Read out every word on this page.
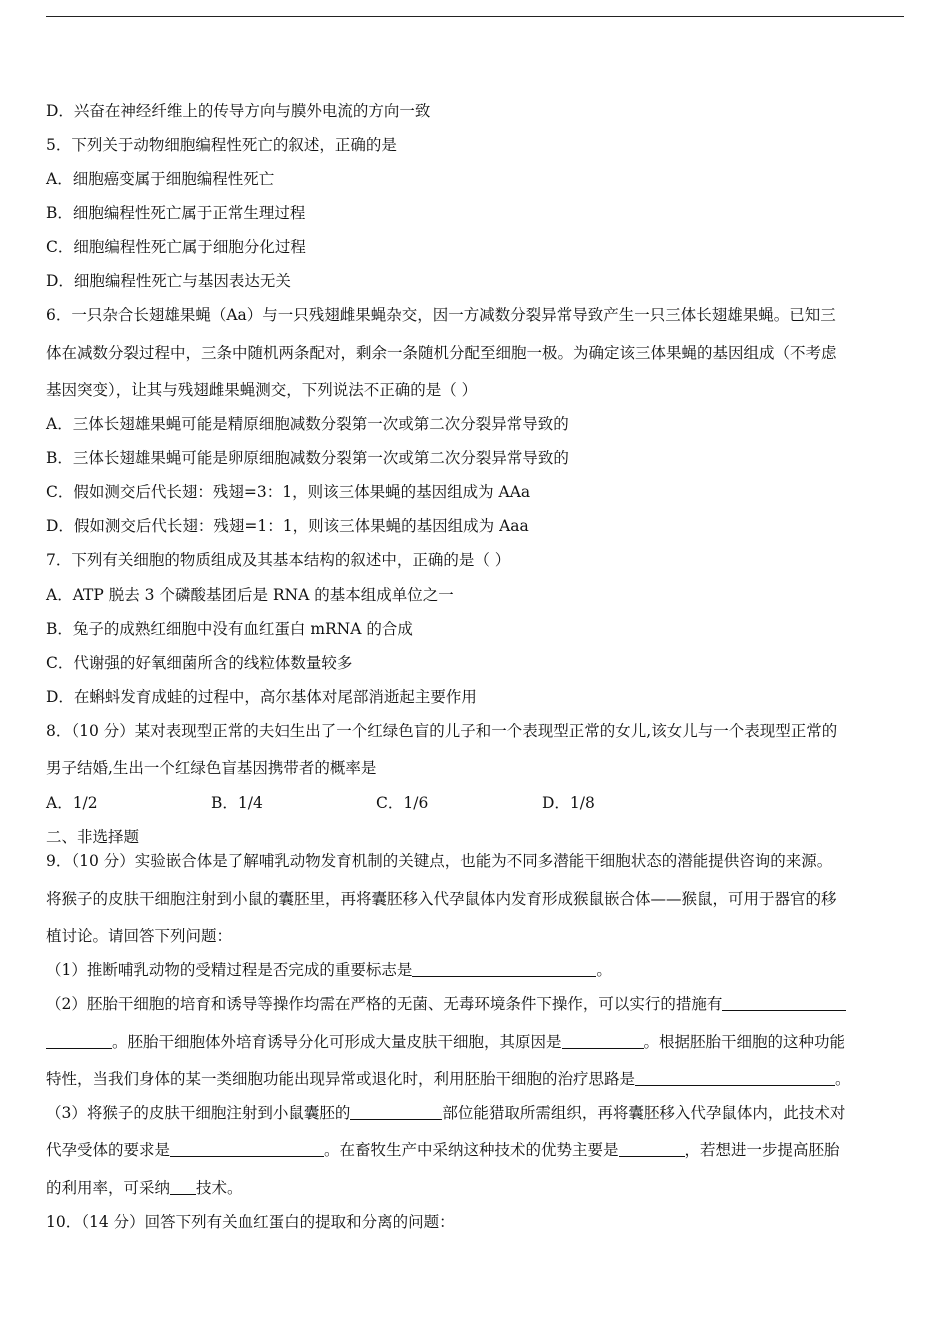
D．兴奋在神经纤维上的传导方向与膜外电流的方向一致
5．下列关于动物细胞编程性死亡的叙述，正确的是
A．细胞癌变属于细胞编程性死亡
B．细胞编程性死亡属于正常生理过程
C．细胞编程性死亡属于细胞分化过程
D．细胞编程性死亡与基因表达无关
6．一只杂合长翅雄果蝇（Aa）与一只残翅雌果蝇杂交，因一方减数分裂异常导致产生一只三体长翅雄果蝇。已知三
体在减数分裂过程中，三条中随机两条配对，剩余一条随机分配至细胞一极。为确定该三体果蝇的基因组成（不考虑
基因突变），让其与残翅雌果蝇测交，下列说法不正确的是（ ）
A．三体长翅雄果蝇可能是精原细胞减数分裂第一次或第二次分裂异常导致的
B．三体长翅雄果蝇可能是卵原细胞减数分裂第一次或第二次分裂异常导致的
C．假如测交后代长翅：残翅=3：1，则该三体果蝇的基因组成为 AAa
D．假如测交后代长翅：残翅=1：1，则该三体果蝇的基因组成为 Aaa
7．下列有关细胞的物质组成及其基本结构的叙述中，正确的是（ ）
A．ATP 脱去 3 个磷酸基团后是 RNA 的基本组成单位之一
B．兔子的成熟红细胞中没有血红蛋白 mRNA 的合成
C．代谢强的好氧细菌所含的线粒体数量较多
D．在蝌蚪发育成蛙的过程中，高尔基体对尾部消逝起主要作用
8．（10 分）某对表现型正常的夫妇生出了一个红绿色盲的儿子和一个表现型正常的女儿,该女儿与一个表现型正常的
男子结婚,生出一个红绿色盲基因携带者的概率是
A．1/2	B．1/4	C．1/6	D．1/8
二、非选择题
9．（10 分）实验嵌合体是了解哺乳动物发育机制的关键点，也能为不同多潜能干细胞状态的潜能提供咨询的来源。
将猴子的皮肤干细胞注射到小鼠的囊胚里，再将囊胚移入代孕鼠体内发育形成猴鼠嵌合体——猴鼠，可用于器官的移
植讨论。请回答下列问题：
（1）推断哺乳动物的受精过程是否完成的重要标志是	。
（2）胚胎干细胞的培育和诱导等操作均需在严格的无菌、无毒环境条件下操作，可以实行的措施有
。胚胎干细胞体外培育诱导分化可形成大量皮肤干细胞，其原因是	。根据胚胎干细胞的这种功能
特性，当我们身体的某一类细胞功能出现异常或退化时，利用胚胎干细胞的治疗思路是	。
（3）将猴子的皮肤干细胞注射到小鼠囊胚的	部位能猎取所需组织，再将囊胚移入代孕鼠体内，此技术对
代孕受体的要求是	。在畜牧生产中采纳这种技术的优势主要是	，若想进一步提高胚胎
的利用率，可采纳 技术。
10．（14 分）回答下列有关血红蛋白的提取和分离的问题：
